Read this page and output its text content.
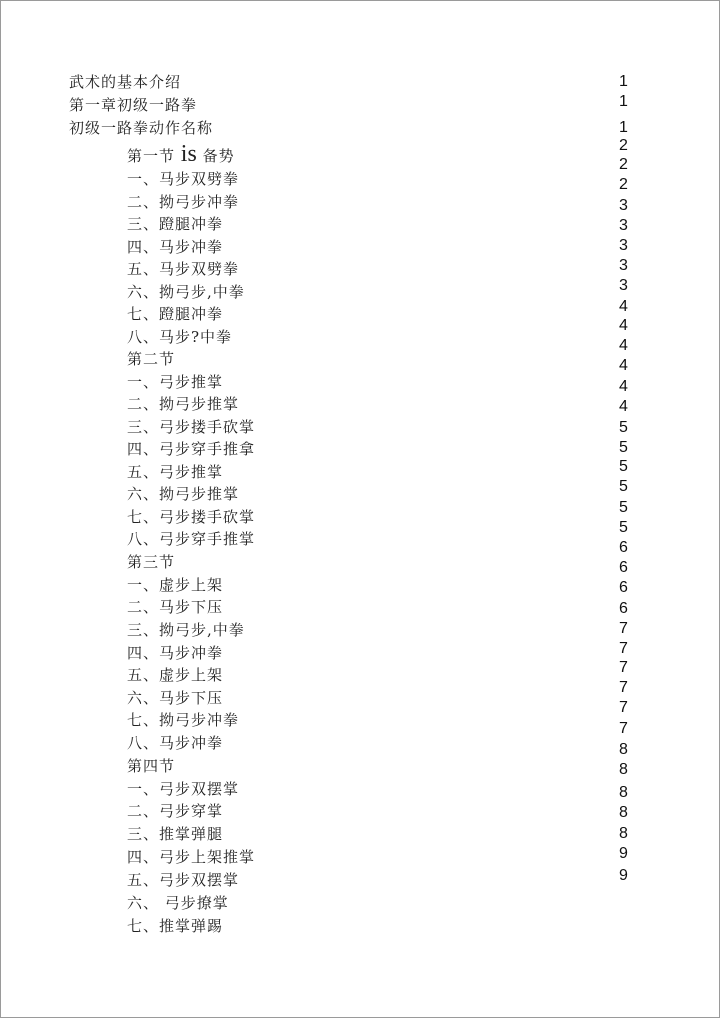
武术的基本介绍
第一章初级一路拳
初级一路拳动作名称
第一节 is 备势
一、马步双劈拳
二、拗弓步冲拳
三、蹬腿冲拳
四、马步冲拳
五、马步双劈拳
六、拗弓步,中拳
七、蹬腿冲拳
八、马步?中拳
第二节
一、弓步推掌
二、拗弓步推掌
三、弓步搂手砍掌
四、弓步穿手推拿
五、弓步推掌
六、拗弓步推掌
七、弓步搂手砍掌
八、弓步穿手推掌
第三节
一、虚步上架
二、马步下压
三、拗弓步,中拳
四、马步冲拳
五、虚步上架
六、马步下压
七、拗弓步冲拳
八、马步冲拳
第四节
一、弓步双摆掌
二、弓步穿掌
三、推掌弹腿
四、弓步上架推掌
五、弓步双摆掌
六、 弓步撩掌
七、推掌弹踢
1
1
1
2
2
2
3
3
3
3
3
4
4
4
4
4
4
5
5
5
5
5
5
6
6
6
6
7
7
7
7
7
7
8
8
8
8
8
9
9
